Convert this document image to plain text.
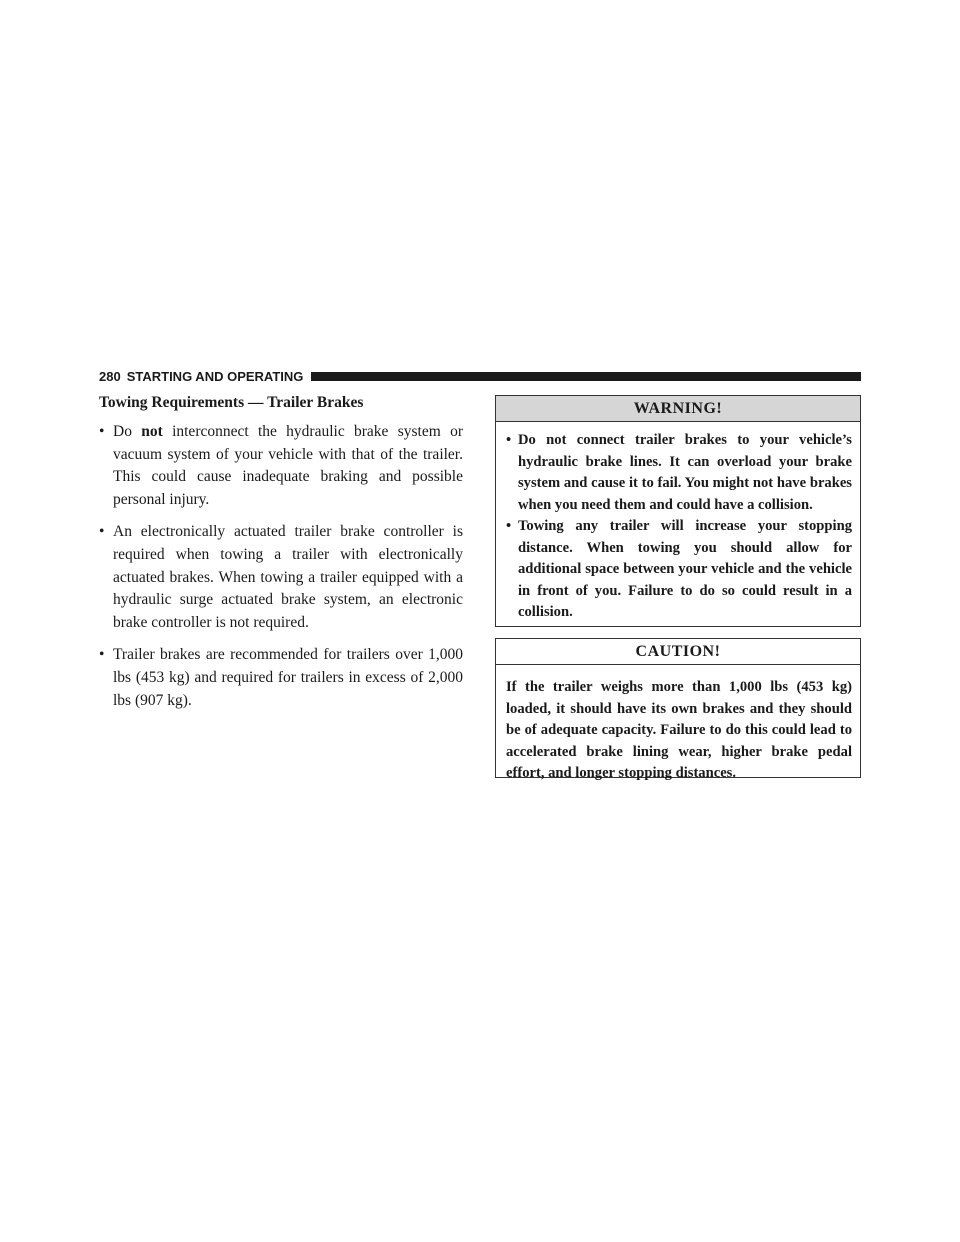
280 STARTING AND OPERATING
Towing Requirements — Trailer Brakes
• Do not interconnect the hydraulic brake system or vacuum system of your vehicle with that of the trailer. This could cause inadequate braking and possible personal injury.
• An electronically actuated trailer brake controller is required when towing a trailer with electronically actuated brakes. When towing a trailer equipped with a hydraulic surge actuated brake system, an electronic brake controller is not required.
• Trailer brakes are recommended for trailers over 1,000 lbs (453 kg) and required for trailers in excess of 2,000 lbs (907 kg).
WARNING!
• Do not connect trailer brakes to your vehicle’s hydraulic brake lines. It can overload your brake system and cause it to fail. You might not have brakes when you need them and could have a collision.
• Towing any trailer will increase your stopping distance. When towing you should allow for additional space between your vehicle and the vehicle in front of you. Failure to do so could result in a collision.
CAUTION!

If the trailer weighs more than 1,000 lbs (453 kg) loaded, it should have its own brakes and they should be of adequate capacity. Failure to do this could lead to accelerated brake lining wear, higher brake pedal effort, and longer stopping distances.
